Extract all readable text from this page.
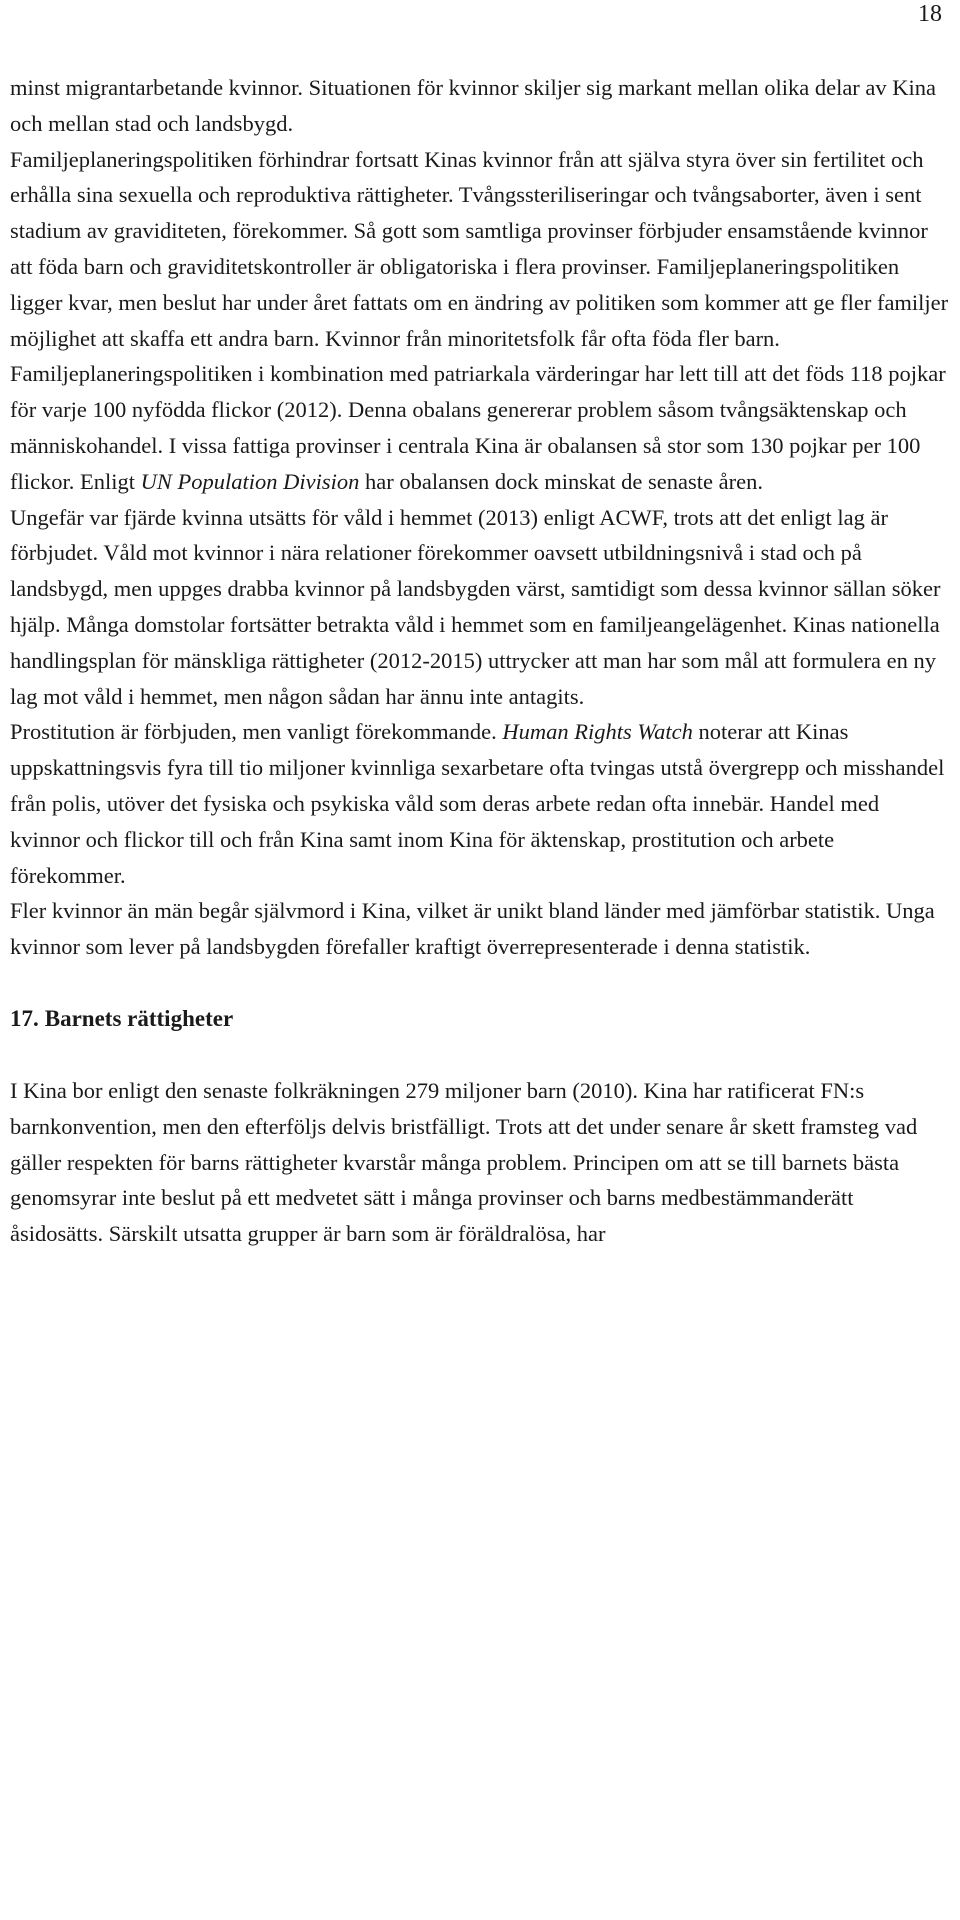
18

minst migrantarbetande kvinnor. Situationen för kvinnor skiljer sig markant mellan olika delar av Kina och mellan stad och landsbygd.

Familjeplaneringspolitiken förhindrar fortsatt Kinas kvinnor från att själva styra över sin fertilitet och erhålla sina sexuella och reproduktiva rättigheter. Tvångssteriliseringar och tvångsaborter, även i sent stadium av graviditeten, förekommer. Så gott som samtliga provinser förbjuder ensamstående kvinnor att föda barn och graviditetskontroller är obligatoriska i flera provinser. Familjeplaneringspolitiken ligger kvar, men beslut har under året fattats om en ändring av politiken som kommer att ge fler familjer möjlighet att skaffa ett andra barn. Kvinnor från minoritetsfolk får ofta föda fler barn.

Familjeplaneringspolitiken i kombination med patriarkala värderingar har lett till att det föds 118 pojkar för varje 100 nyfödda flickor (2012). Denna obalans genererar problem såsom tvångsäktenskap och människohandel. I vissa fattiga provinser i centrala Kina är obalansen så stor som 130 pojkar per 100 flickor. Enligt UN Population Division har obalansen dock minskat de senaste åren.

Ungefär var fjärde kvinna utsätts för våld i hemmet (2013) enligt ACWF, trots att det enligt lag är förbjudet. Våld mot kvinnor i nära relationer förekommer oavsett utbildningsnivå i stad och på landsbygd, men uppges drabba kvinnor på landsbygden värst, samtidigt som dessa kvinnor sällan söker hjälp. Många domstolar fortsätter betrakta våld i hemmet som en familjeangelägenhet. Kinas nationella handlingsplan för mänskliga rättigheter (2012-2015) uttrycker att man har som mål att formulera en ny lag mot våld i hemmet, men någon sådan har ännu inte antagits.

Prostitution är förbjuden, men vanligt förekommande. Human Rights Watch noterar att Kinas uppskattningsvis fyra till tio miljoner kvinnliga sexarbetare ofta tvingas utstå övergrepp och misshandel från polis, utöver det fysiska och psykiska våld som deras arbete redan ofta innebär. Handel med kvinnor och flickor till och från Kina samt inom Kina för äktenskap, prostitution och arbete förekommer.

Fler kvinnor än män begår självmord i Kina, vilket är unikt bland länder med jämförbar statistik. Unga kvinnor som lever på landsbygden förefaller kraftigt överrepresenterade i denna statistik.

17. Barnets rättigheter

I Kina bor enligt den senaste folkräkningen 279 miljoner barn (2010). Kina har ratificerat FN:s barnkonvention, men den efterföljs delvis bristfälligt. Trots att det under senare år skett framsteg vad gäller respekten för barns rättigheter kvarstår många problem. Principen om att se till barnets bästa genomsyrar inte beslut på ett medvetet sätt i många provinser och barns medbestämmanderätt åsidosätts. Särskilt utsatta grupper är barn som är föräldralösa, har
